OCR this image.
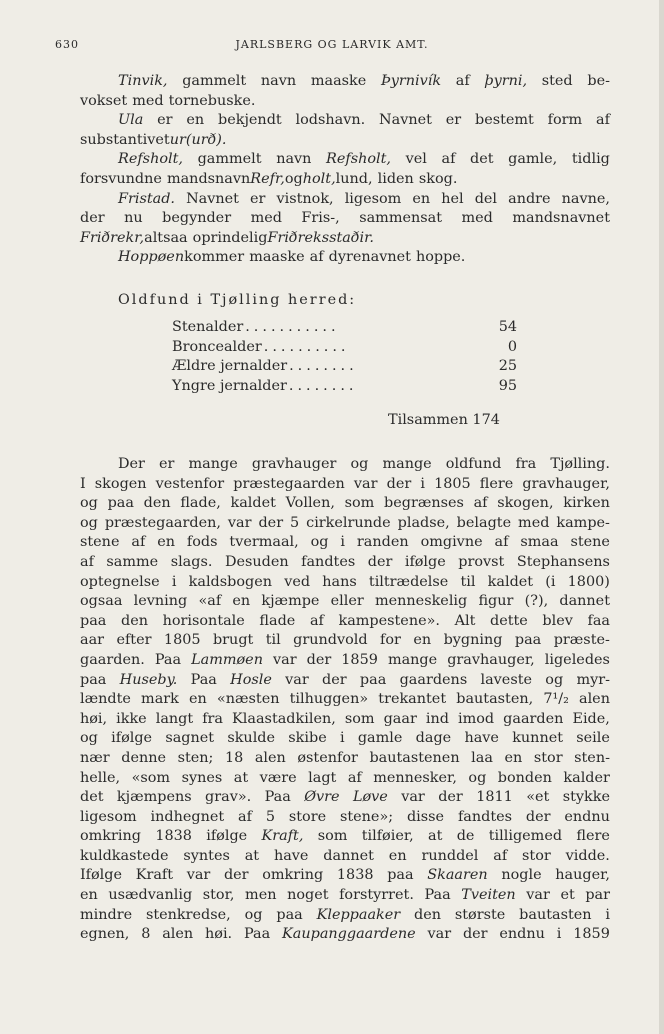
630	JARLSBERG OG LARVIK AMT.
Tinvik, gammelt navn maaske Þyrnivík af þyrni, sted be-
vokset med tornebuske.
Ula er en bekjendt lodshavn. Navnet er bestemt form af
substantivet ur (urð).
Refsholt, gammelt navn Refsholt, vel af det gamle, tidlig
forsvundne mandsnavn Refr, og holt, lund, liden skog.
Fristad. Navnet er vistnok, ligesom en hel del andre navne,
der nu begynder med Fris-, sammensat med mandsnavnet
Friðrekr, altsaa oprindelig Friðreksstaðir.
Hoppøen kommer maaske af dyrenavnet hoppe.
Oldfund i Tjølling herred:
Stenalder ...........	54
Broncealder ..........	0
Ældre jernalder ........	25
Yngre jernalder ........	95
Tilsammen 174
Der er mange gravhauger og mange oldfund fra Tjølling.
I skogen vestenfor præstegaarden var der i 1805 flere gravhauger,
og paa den flade, kaldet Vollen, som begrænses af skogen, kirken
og præstegaarden, var der 5 cirkelrunde pladse, belagte med kampe-
stene af en fods tvermaal, og i randen omgivne af smaa stene
af samme slags. Desuden fandtes der ifølge provst Stephansens
optegnelse i kaldsbogen ved hans tiltrædelse til kaldet (i 1800)
ogsaa levning «af en kjæmpe eller menneskelig figur (?), dannet
paa den horisontale flade af kampestene». Alt dette blev faa
aar efter 1805 brugt til grundvold for en bygning paa præste-
gaarden. Paa Lammøen var der 1859 mange gravhauger, ligeledes
paa Huseby. Paa Hosle var der paa gaardens laveste og myr-
lændte mark en «næsten tilhuggen» trekantet bautasten, 7¹/₂ alen
høi, ikke langt fra Klaastadkilen, som gaar ind imod gaarden Eide,
og ifølge sagnet skulde skibe i gamle dage have kunnet seile
nær denne sten; 18 alen østenfor bautastenen laa en stor sten-
helle, «som synes at være lagt af mennesker, og bonden kalder
det kjæmpens grav». Paa Øvre Løve var der 1811 «et stykke
ligesom indhegnet af 5 store stene»; disse fandtes der endnu
omkring 1838 ifølge Kraft, som tilføier, at de tilligemed flere
kuldkastede syntes at have dannet en runddel af stor vidde.
Ifølge Kraft var der omkring 1838 paa Skaaren nogle hauger,
en usædvanlig stor, men noget forstyrret. Paa Tveiten var et par
mindre stenkredse, og paa Kleppaaker den største bautasten i
egnen, 8 alen høi. Paa Kaupanggaardene var der endnu i 1859
